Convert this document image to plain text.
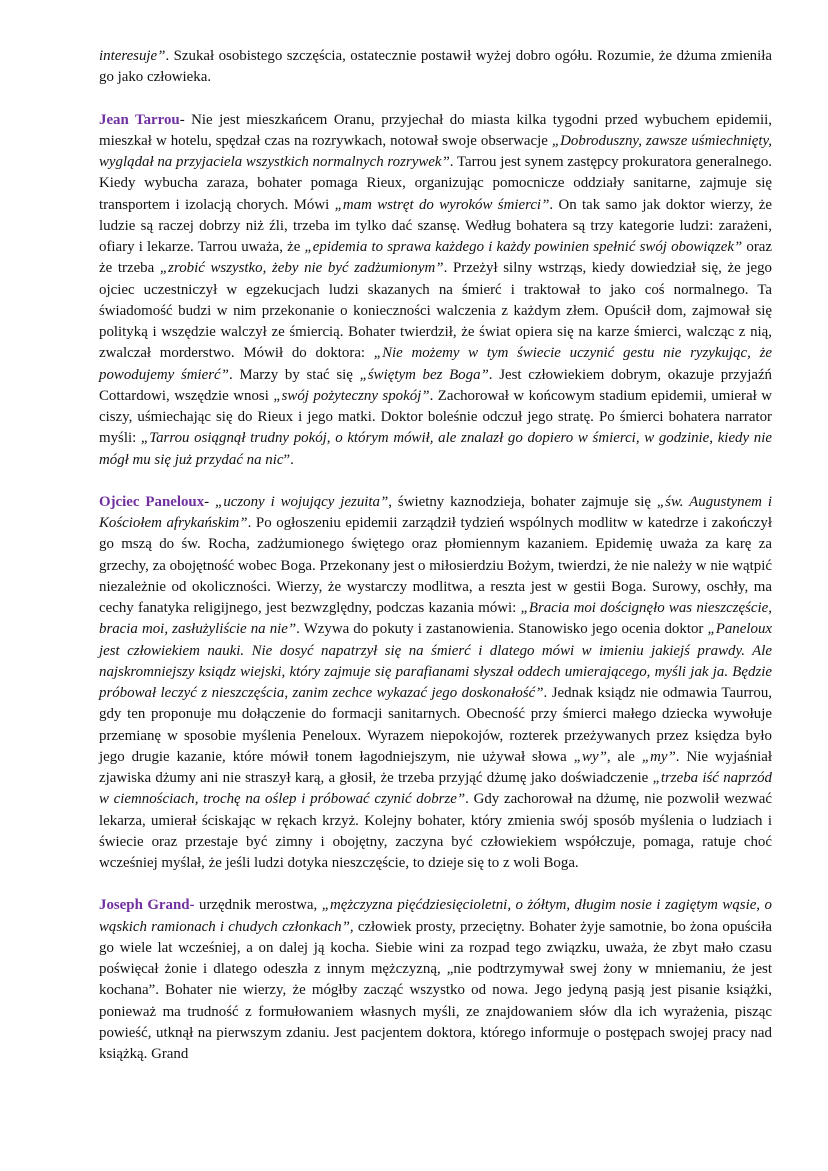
interesuje”. Szukał osobistego szczęścia, ostatecznie postawił wyżej dobro ogółu. Rozumie, że dżuma zmieniła go jako człowieka.

Jean Tarrou- Nie jest mieszkańcem Oranu, przyjechał do miasta kilka tygodni przed wybuchem epidemii, mieszkał w hotelu, spędzał czas na rozrywkach, notował swoje obserwacje „Dobroduszny, zawsze uśmiechnięty, wyglądał na przyjaciela wszystkich normalnych rozrywek”. Tarrou jest synem zastępcy prokuratora generalnego. Kiedy wybucha zaraza, bohater pomaga Rieux, organizując pomocnicze oddziały sanitarne, zajmuje się transportem i izolacją chorych. Mówi „mam wstręt do wyroków śmierci”. On tak samo jak doktor wierzy, że ludzie są raczej dobrzy niż źli, trzeba im tylko dać szansę. Według bohatera są trzy kategorie ludzi: zarażeni, ofiary i lekarze. Tarrou uważa, że „epidemia to sprawa każdego i każdy powinien spełnić swój obowiązek” oraz że trzeba „zrobić wszystko, żeby nie być zadżumionym”. Przeżył silny wstrząs, kiedy dowiedział się, że jego ojciec uczestniczył w egzekucjach ludzi skazanych na śmierć i traktował to jako coś normalnego. Ta świadomość budzi w nim przekonanie o konieczności walczenia z każdym złem. Opuścił dom, zajmował się polityką i wszędzie walczył ze śmiercią. Bohater twierdził, że świat opiera się na karze śmierci, walcząc z nią, zwalczał morderstwo. Mówił do doktora: „Nie możemy w tym świecie uczynić gestu nie ryzykując, że powodujemy śmierć”. Marzy by stać się „świętym bez Boga”. Jest człowiekiem dobrym, okazuje przyjaźń Cottardowi, wszędzie wnosi „swój pożyteczny spokój”. Zachorował w końcowym stadium epidemii, umierał w ciszy, uśmiechając się do Rieux i jego matki. Doktor boleśnie odczuł jego stratę. Po śmierci bohatera narrator myśli: „Tarrou osiągnął trudny pokój, o którym mówił, ale znalazł go dopiero w śmierci, w godzinie, kiedy nie mógł mu się już przydać na nic”.

Ojciec Paneloux- „uczony i wojujący jezuita”, świetny kaznodzieja, bohater zajmuje się „św. Augustynem i Kościołem afrykańskim”. Po ogłoszeniu epidemii zarządził tydzień wspólnych modlitw w katedrze i zakończył go mszą do św. Rocha, zadżumionego świętego oraz płomiennym kazaniem. Epidemię uważa za karę za grzechy, za obojętność wobec Boga. Przekonany jest o miłosierdziu Bożym, twierdzi, że nie należy w nie wątpić niezależnie od okoliczności. Wierzy, że wystarczy modlitwa, a reszta jest w gestii Boga. Surowy, oschły, ma cechy fanatyka religijnego, jest bezwzględny, podczas kazania mówi: „Bracia moi doścignęło was nieszczęście, bracia moi, zasłużyliście na nie”. Wzywa do pokuty i zastanowienia. Stanowisko jego ocenia doktor „Paneloux jest człowiekiem nauki. Nie dosyć napatrzył się na śmierć i dlatego mówi w imieniu jakiejś prawdy. Ale najskromniejszy ksiądz wiejski, który zajmuje się parafianami słyszał oddech umierającego, myśli jak ja. Będzie próbował leczyć z nieszczęścia, zanim zechce wykazać jego doskonałość”. Jednak ksiądz nie odmawia Taurrou, gdy ten proponuje mu dołączenie do formacji sanitarnych. Obecność przy śmierci małego dziecka wywołuje przemianę w sposobie myślenia Peneloux. Wyrazem niepokojów, rozterek przeżywanych przez księdza było jego drugie kazanie, które mówił tonem łagodniejszym, nie używał słowa „wy”, ale „my”. Nie wyjaśniał zjawiska dżumy ani nie straszył karą, a głosił, że trzeba przyjąć dżumę jako doświadczenie „trzeba iść naprzód w ciemnościach, trochę na oślep i próbować czynić dobrze”. Gdy zachorował na dżumę, nie pozwolił wezwać lekarza, umierał ściskając w rękach krzyż. Kolejny bohater, który zmienia swój sposób myślenia o ludziach i świecie oraz przestaje być zimny i obojętny, zaczyna być człowiekiem współczuje, pomaga, ratuje choć wcześniej myślał, że jeśli ludzi dotyka nieszczęście, to dzieje się to z woli Boga.

Joseph Grand- urzędnik merostwa, „mężczyzna pięćdziesięcioletni, o żółtym, długim nosie i zagiętym wąsie, o wąskich ramionach i chudych członkach”, człowiek prosty, przeciętny. Bohater żyje samotnie, bo żona opuściła go wiele lat wcześniej, a on dalej ją kocha. Siebie wini za rozpad tego związku, uważa, że zbyt mało czasu poświęcał żonie i dlatego odeszła z innym mężczyzną, „nie podtrzymywał swej żony w mniemaniu, że jest kochana”. Bohater nie wierzy, że mógłby zacząć wszystko od nowa. Jego jedyną pasją jest pisanie książki, ponieważ ma trudność z formułowaniem własnych myśli, ze znajdowaniem słów dla ich wyrażenia, pisząc powieść, utknął na pierwszym zdaniu. Jest pacjentem doktora, którego informuje o postępach swojej pracy nad książką. Grand
